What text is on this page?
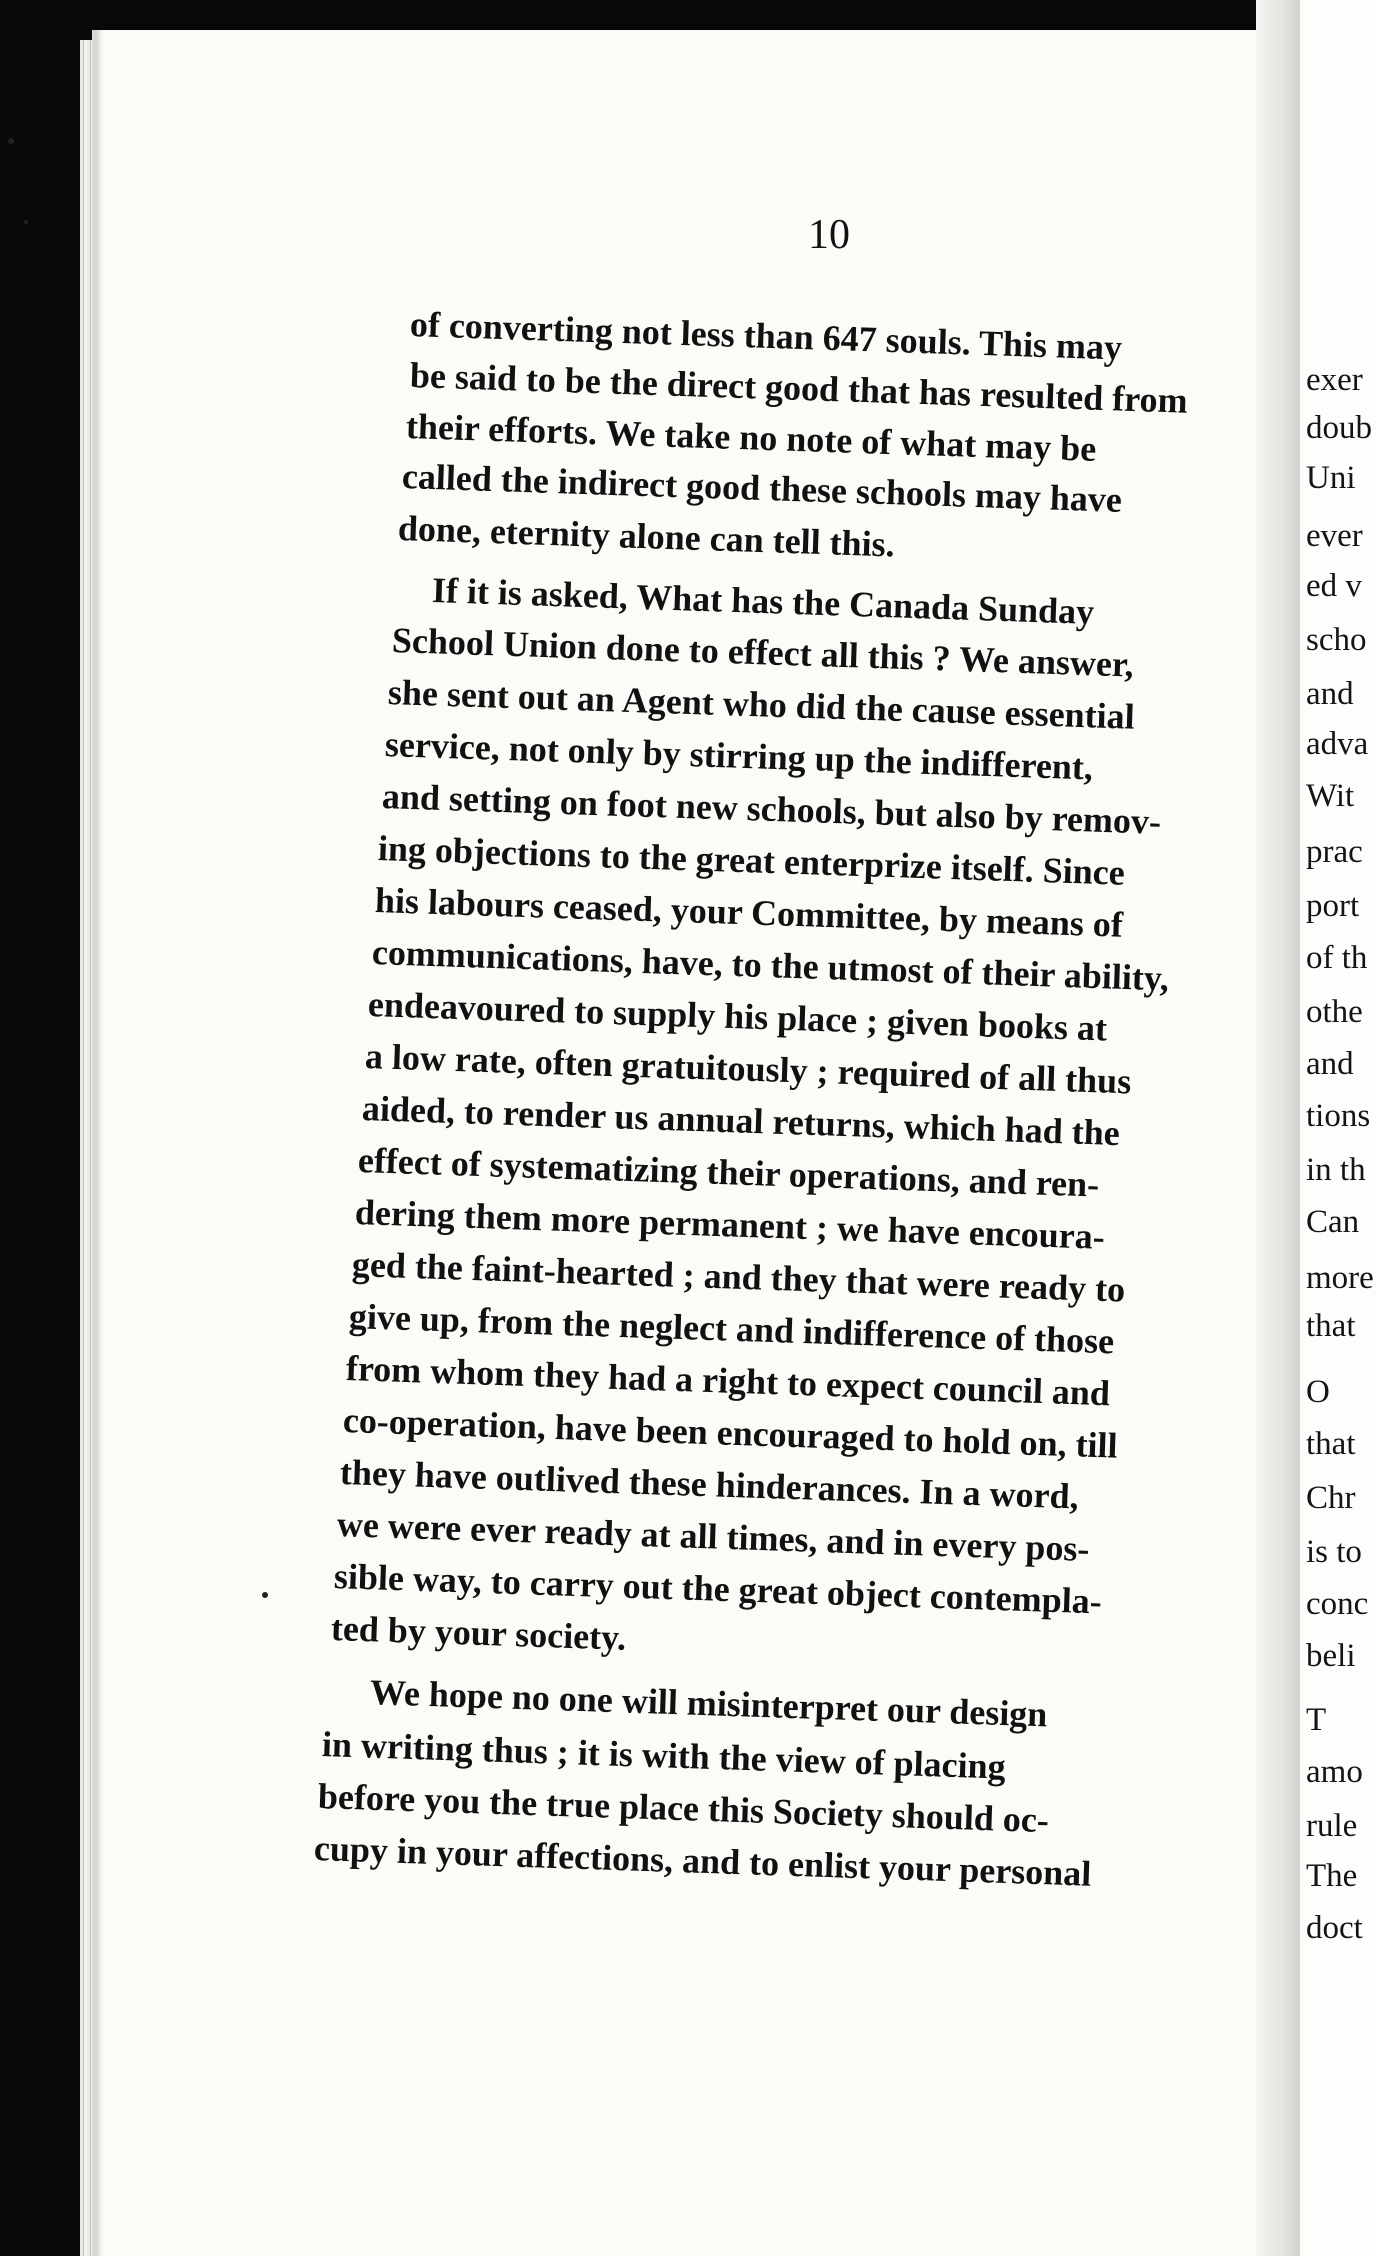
10
of converting not less than 647 souls. This may
be said to be the direct good that has resulted from
their efforts. We take no note of what may be
called the indirect good these schools may have
done, eternity alone can tell this.
If it is asked, What has the Canada Sunday
School Union done to effect all this ? We answer,
she sent out an Agent who did the cause essential
service, not only by stirring up the indifferent,
and setting on foot new schools, but also by remov-
ing objections to the great enterprize itself. Since
his labours ceased, your Committee, by means of
communications, have, to the utmost of their ability,
endeavoured to supply his place ; given books at
a low rate, often gratuitously ; required of all thus
aided, to render us annual returns, which had the
effect of systematizing their operations, and ren-
dering them more permanent ; we have encoura-
ged the faint-hearted ; and they that were ready to
give up, from the neglect and indifference of those
from whom they had a right to expect council and
co-operation, have been encouraged to hold on, till
they have outlived these hinderances. In a word,
we were ever ready at all times, and in every pos-
sible way, to carry out the great object contempla-
ted by your society.
We hope no one will misinterpret our design
in writing thus ; it is with the view of placing
before you the true place this Society should oc-
cupy in your affections, and to enlist your personal
exer
doub
Uni
ever
ed v
scho
and
adva
Wit
prac
port
of th
othe
and
tions
in th
Can
more
that
O
that
Chr
is to
conc
beli
T
amo
rule
The
doct
